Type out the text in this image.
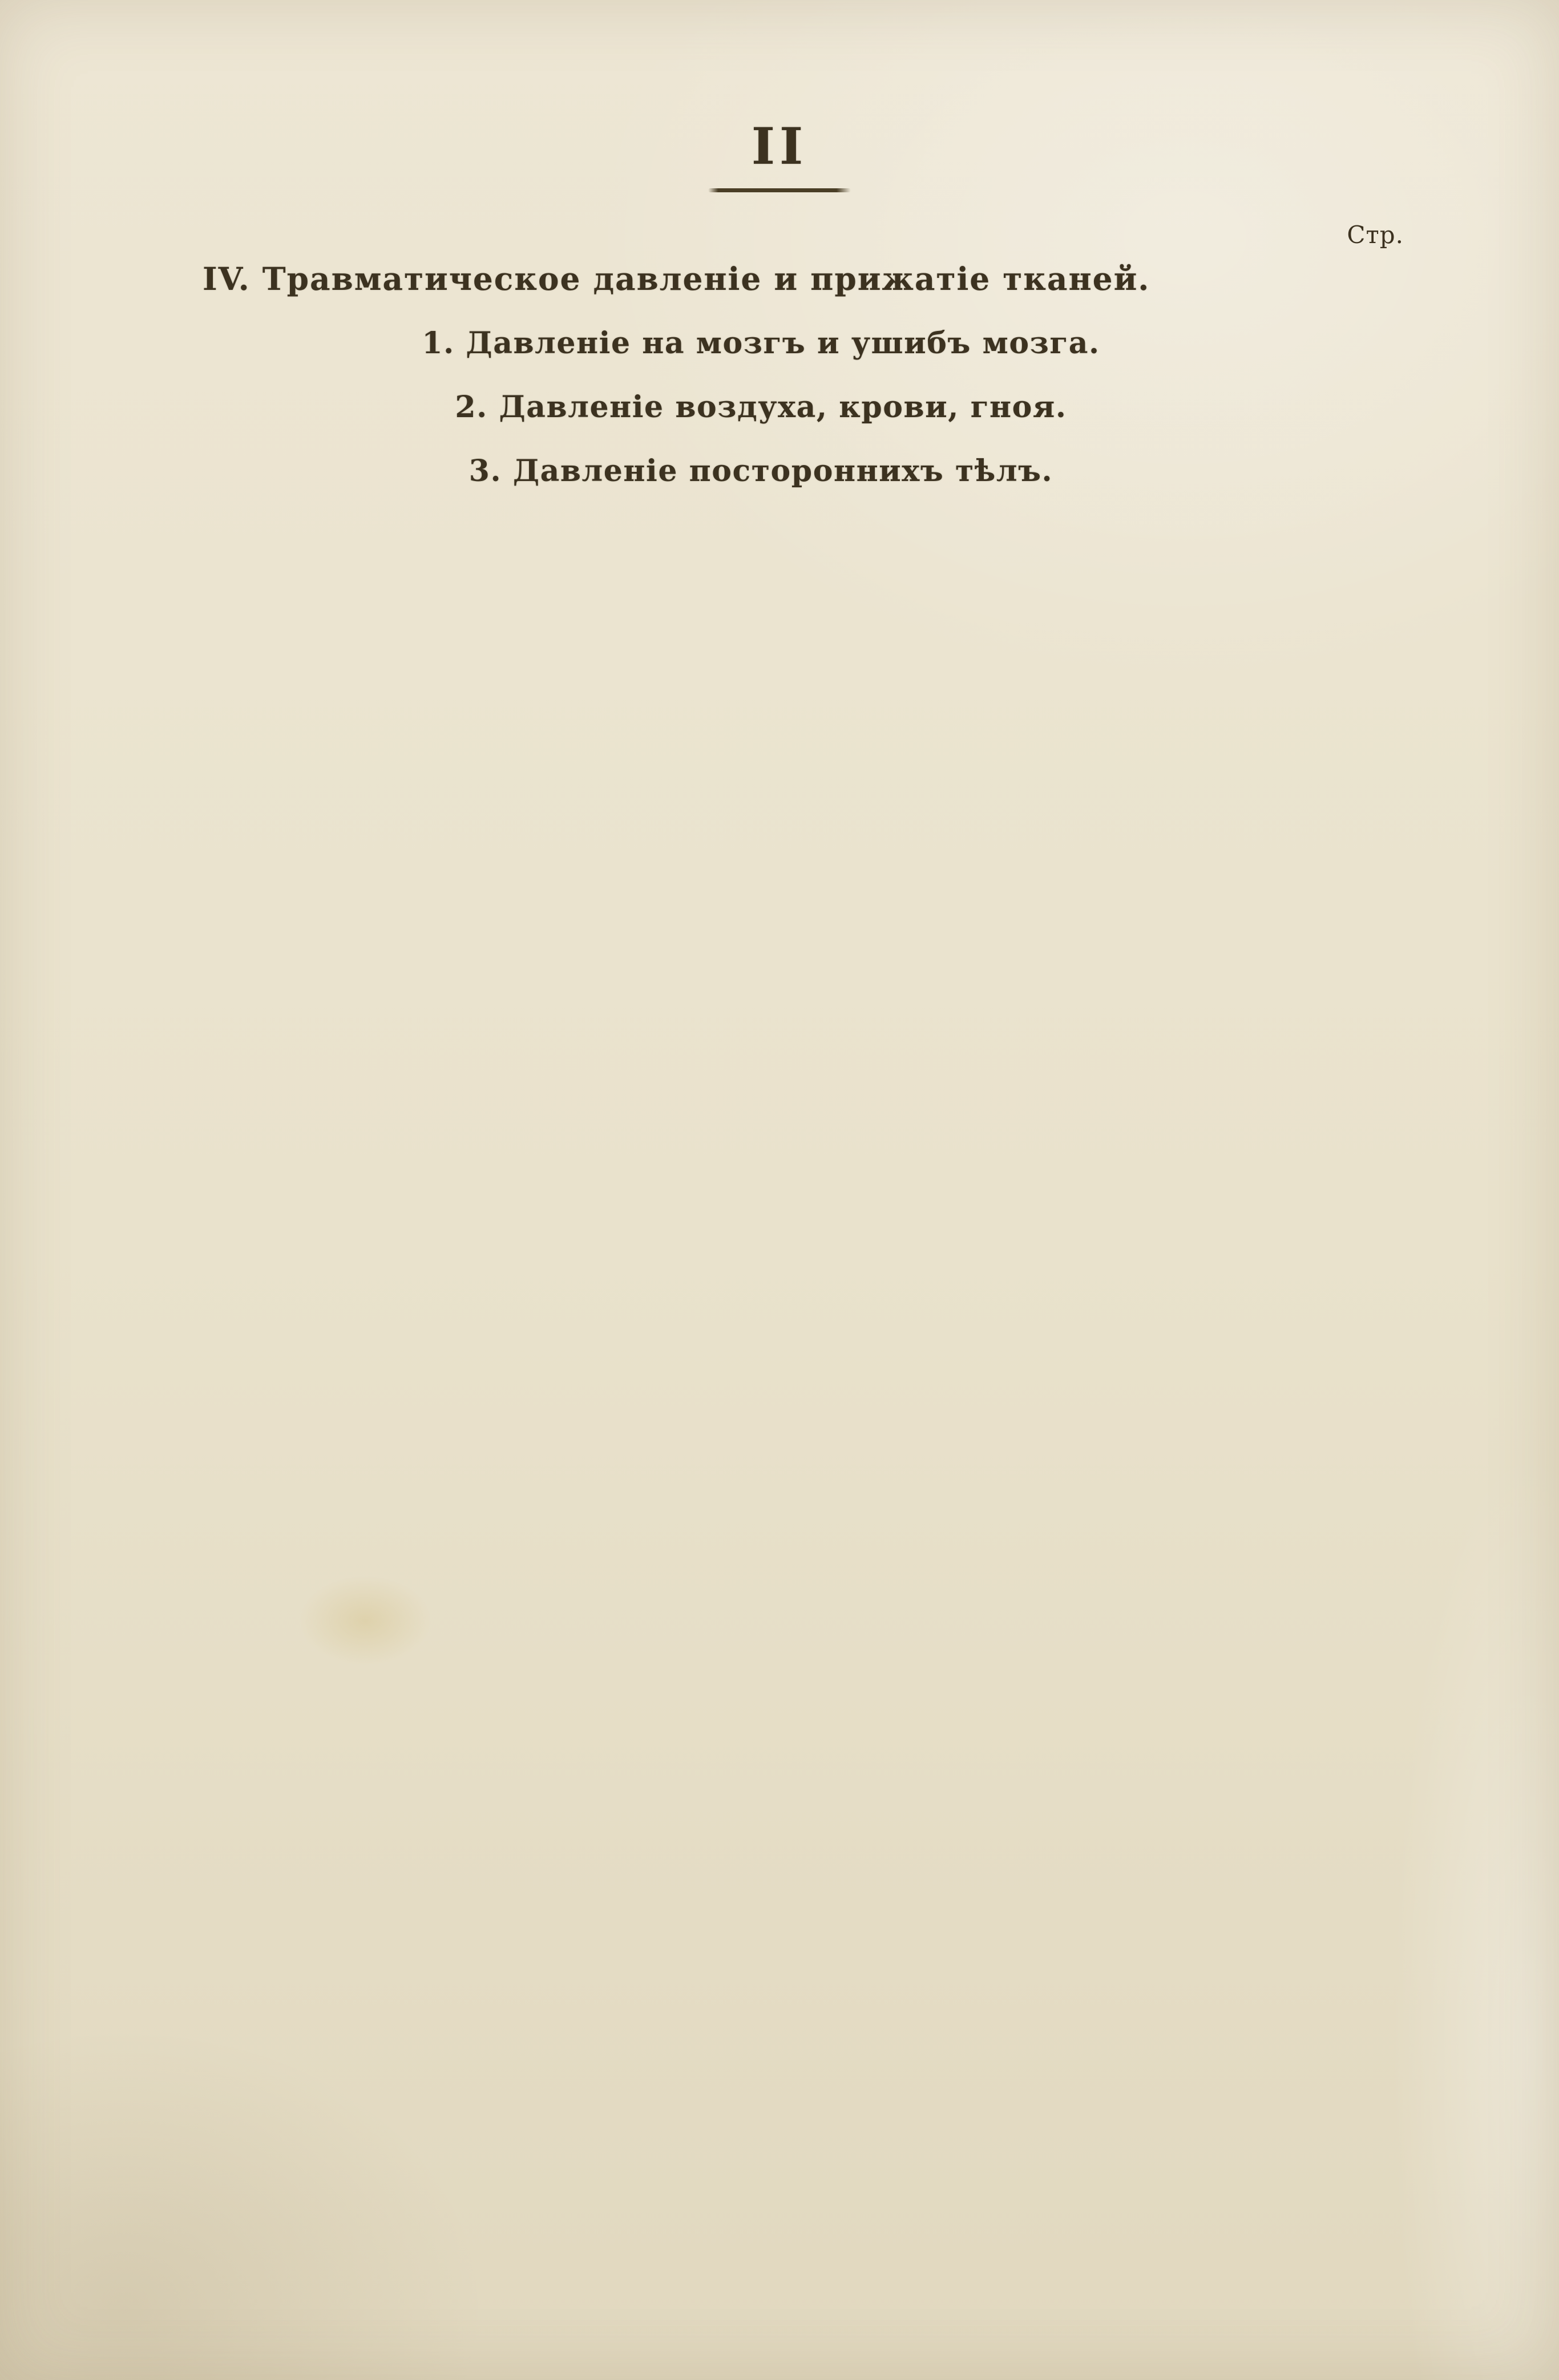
II
Стр.
IV. Травматическое давленіе и прижатіе тканей.
1. Давленіе на мозгъ и ушибъ мозга.
2. Давленіе воздуха, крови, гноя.
3. Давленіе постороннихъ тѣлъ.
